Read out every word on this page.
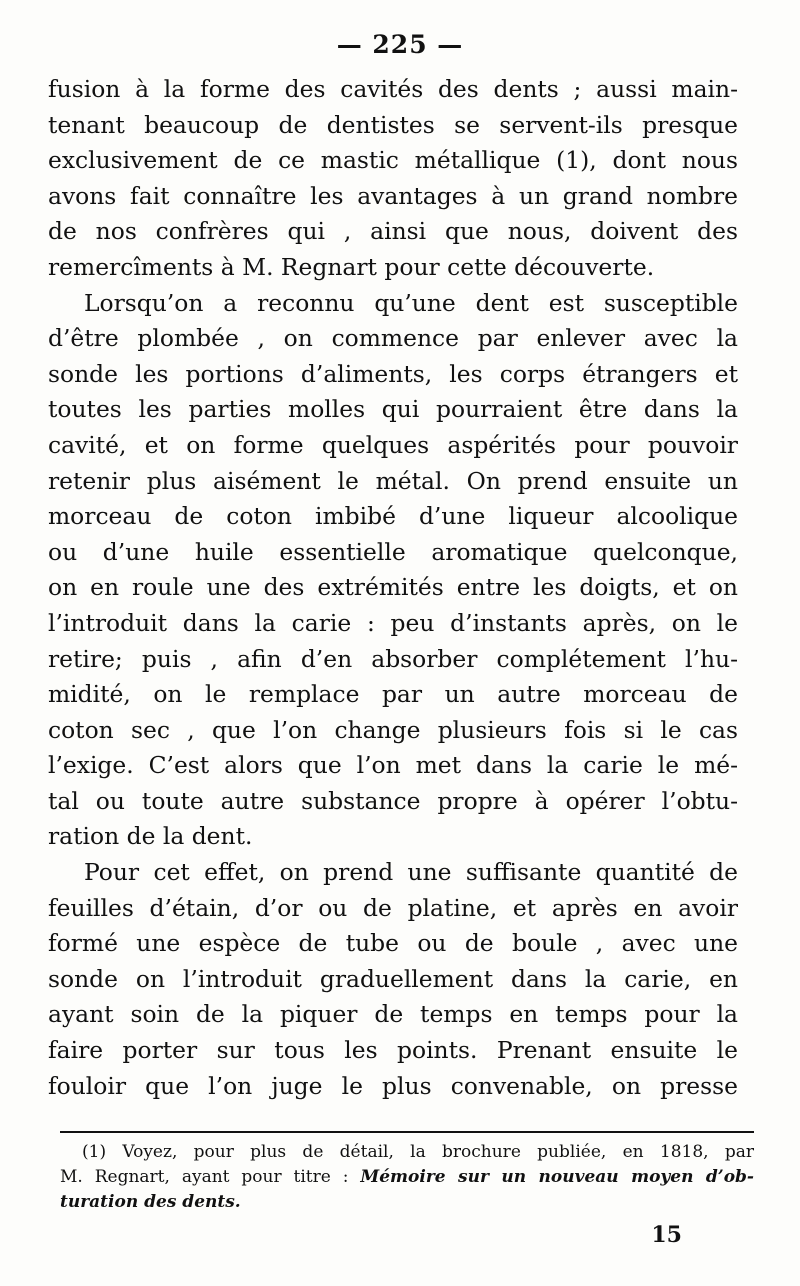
— 225 —
fusion à la forme des cavités des dents ; aussi main-
tenant beaucoup de dentistes se servent-ils presque
exclusivement de ce mastic métallique (1), dont nous
avons fait connaître les avantages à un grand nombre
de nos confrères qui , ainsi que nous, doivent des
remercîments à M. Regnart pour cette découverte.
Lorsqu’on a reconnu qu’une dent est susceptible
d’être plombée , on commence par enlever avec la
sonde les portions d’aliments, les corps étrangers et
toutes les parties molles qui pourraient être dans la
cavité, et on forme quelques aspérités pour pouvoir
retenir plus aisément le métal. On prend ensuite un
morceau de coton imbibé d’une liqueur alcoolique
ou d’une huile essentielle aromatique quelconque,
on en roule une des extrémités entre les doigts, et on
l’introduit dans la carie : peu d’instants après, on le
retire; puis , afin d’en absorber complétement l’hu-
midité, on le remplace par un autre morceau de
coton sec , que l’on change plusieurs fois si le cas
l’exige. C’est alors que l’on met dans la carie le mé-
tal ou toute autre substance propre à opérer l’obtu-
ration de la dent.
Pour cet effet, on prend une suffisante quantité de
feuilles d’étain, d’or ou de platine, et après en avoir
formé une espèce de tube ou de boule , avec une
sonde on l’introduit graduellement dans la carie, en
ayant soin de la piquer de temps en temps pour la
faire porter sur tous les points. Prenant ensuite le
fouloir que l’on juge le plus convenable, on presse
(1) Voyez, pour plus de détail, la brochure publiée, en 1818, par
M. Regnart, ayant pour titre : Mémoire sur un nouveau moyen d’ob-
turation des dents.
15
